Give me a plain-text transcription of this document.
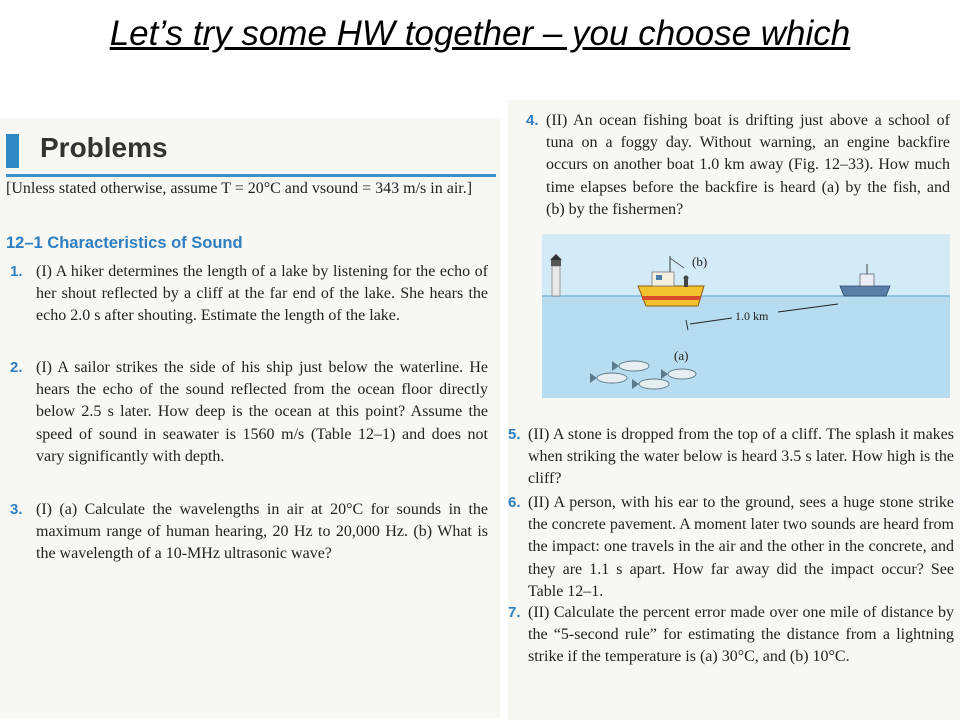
Let’s try some HW together – you choose which
Problems
[Unless stated otherwise, assume T = 20°C and vsound = 343 m/s in air.]
12–1 Characteristics of Sound
1. (I) A hiker determines the length of a lake by listening for the echo of her shout reflected by a cliff at the far end of the lake. She hears the echo 2.0 s after shouting. Estimate the length of the lake.
2. (I) A sailor strikes the side of his ship just below the waterline. He hears the echo of the sound reflected from the ocean floor directly below 2.5 s later. How deep is the ocean at this point? Assume the speed of sound in seawater is 1560 m/s (Table 12–1) and does not vary significantly with depth.
3. (I) (a) Calculate the wavelengths in air at 20°C for sounds in the maximum range of human hearing, 20 Hz to 20,000 Hz. (b) What is the wavelength of a 10-MHz ultrasonic wave?
4. (II) An ocean fishing boat is drifting just above a school of tuna on a foggy day. Without warning, an engine backfire occurs on another boat 1.0 km away (Fig. 12–33). How much time elapses before the backfire is heard (a) by the fish, and (b) by the fishermen?
(b)
1.0 km
(a)
5. (II) A stone is dropped from the top of a cliff. The splash it makes when striking the water below is heard 3.5 s later. How high is the cliff?
6. (II) A person, with his ear to the ground, sees a huge stone strike the concrete pavement. A moment later two sounds are heard from the impact: one travels in the air and the other in the concrete, and they are 1.1 s apart. How far away did the impact occur? See Table 12–1.
7. (II) Calculate the percent error made over one mile of distance by the “5-second rule” for estimating the distance from a lightning strike if the temperature is (a) 30°C, and (b) 10°C.
